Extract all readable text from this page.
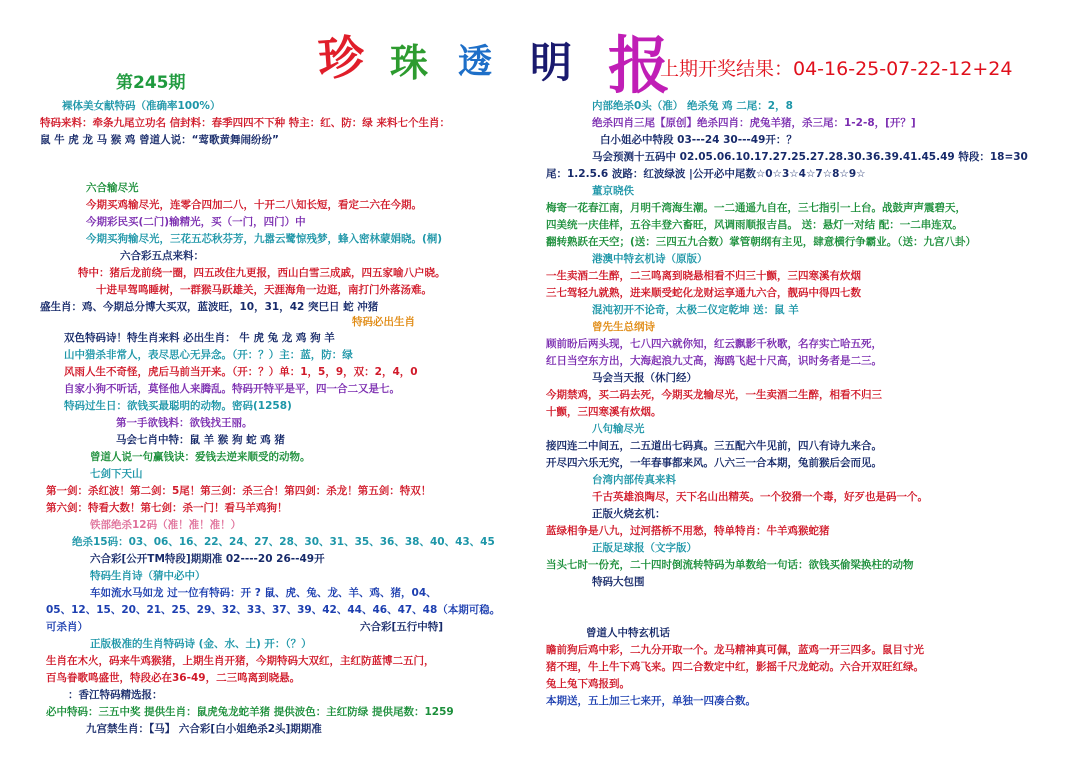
珍 珠 透 明 报
上期开奖结果：04-16-25-07-22-12+24
第245期
裸体美女献特码（准确率100%）
特码来料：牵条九尾立功名 信封料：春季四四不下种 特主：红、防：绿 来料七个生肖：
鼠 牛 虎 龙 马 猴 鸡 曾道人说：“莺歌黄舞闹纷纷”
六合输尽光
今期买鸡输尽光，连零合四加二八，十开二八知长短，看定二六在今期。
今期彩民买(二门)输精光，买（一门，四门）中
今期买狗输尽光，三花五芯秋芬芳，九嚣云鹭惊残梦，蜂入密林蒙娟晓。(桐)
六合彩五点来料：
特中：猪后龙前绕一圈，四五改住九更报，西山白雪三成戚，四五家喻八户晓。
十进早驾鸣睡树，一群猴马跃雄关，天涯海角一边逛，南打门外落汤难。
盛生肖：鸡、今期总分博大买双，蓝波旺，10，31，42 突巳日 蛇 冲猪
特码必出生肖
双色特码诗！特生肖来料 必出生肖： 牛 虎 兔 龙 鸡 狗 羊
山中猎杀非常人，表尽思心无异念。（开：？）主：蓝，防：绿
风雨人生不奇怪，虎后马前当开来。（开：？）单：1，5，9，双：2，4，0
自家小狗不听话，莫怪他人来腾乱。特码开特平是平，四一合二又是七。
特码过生日：欲钱买最聪明的动物。密码(1258)
第一手欲钱料：欲钱找王丽。
马会七肖中特：鼠 羊 猴 狗 蛇 鸡 猪
曾道人说一句赢钱诀：爱钱去逆来顺受的动物。
七剑下天山
第一剑：杀红波！第二剑：5尾！第三剑：杀三合！第四剑：杀龙！第五剑：特双！
第六剑：特看大数！第七剑：杀一门！看马羊鸡狗！
铁部绝杀12码（准！准！准！）
绝杀15码：03、06、16、22、24、27、28、30、31、35、36、38、40、43、45
六合彩[公开TM特段]期期准 02----20 26--49开
特码生肖诗（猜中必中）
车如流水马如龙 过一位有特码：开 ? 鼠、虎、兔、龙、羊、鸡、猪，04、
05、12、15、20、21、25、29、32、33、37、39、42、44、46、47、48（本期可稳。
可杀肖）	六合彩[五行中特]
正版极准的生肖特码诗 (金、水、土) 开：（？）
生肖在木火，码来牛鸡猴猪，上期生肖开猪，今期特码大双红，主红防蓝博二五门，
百鸟眷歌鸣盛世，特段必在36-49，二三鸣离到晓悬。
：香江特码精选报：
必中特码：三五中奖 提供生肖：鼠虎兔龙蛇羊猪 提供波色：主红防绿 提供尾数：1259
九宫禁生肖：【马】 六合彩[白小姐绝杀2头]期期准
内部绝杀0头（准） 绝杀兔 鸡 二尾：2，8
绝杀四肖三尾【原创】绝杀四肖：虎兔羊猪，杀三尾：1-2-8，[开？]
白小姐必中特段 03---24 30---49开：？
马会预测十五码中 02.05.06.10.17.27.25.27.28.30.36.39.41.45.49 特段：18=30
尾：1.2.5.6 波路：红波绿波 |公开必中尾数☆0☆3☆4☆7☆8☆9☆
董京晓佚
梅寄一花春江南，月明千湾海生潮。一二通遥九自在，三七指引一上台。战鼓声声震碧天，
四美统一庆佳样，五谷丰登六畜旺，风调雨顺报吉昌。 送：悬灯一对结 配：一二串连双。
翻转熟跃在天空；(送：三四五九合数）掌管朝纲有主见，肆意横行争霸业。（送：九宫八卦）
港澳中特玄机诗（原版）
一生卖酒二生醉，二三鸣离到晓悬相看不归三十颤，三四寒溪有炊烟
三七驾轻九就熟，进来顺受蛇化龙财运享通九六合，靓码中得四七数
混沌初开不论奇，太极二仪定乾坤 送：鼠 羊
曾先生总纲诗
顾前盼后两头现，七八四六就你知，红云飘影千秋歌，名存实亡哈五死，
红日当空东方出，大海起浪九丈高，海鸥飞起十尺高，识时务者是二三。
马会当天报（休门经）
今期禁鸡，买二码去死，今期买龙输尽光，一生卖酒二生醉，相看不归三
十颤，三四寒溪有炊烟。
八句输尽光
接四连二中间五，二五道出七码真。三五配六牛见前，四八有诗九来合。
开尽四六乐无究，一年春事都来风。八六三一合本期，兔前猴后会而见。
台湾内部传真来料
千古英雄浪陶尽，天下名山出精英。一个狡猾一个毒，好歹也是码一个。
正版火烧玄机：
蓝绿相争是八九，过河搭桥不用愁，特单特肖：牛羊鸡猴蛇猪
正版足球报（文字版）
当头七时一份充，二十四时倒流转特码为单数给一句话：欲钱买偷梁换柱的动物
特码大包围
曾道人中特玄机话
瞻前狗后鸡中彩，二九分开取一个。龙马精神真可佩，蓝鸡一开三四多。鼠目寸光
猪不理，牛上牛下鸡飞来。四二合数定中红，影摇千尺龙蛇动。六合开双旺红绿。
兔上兔下鸡报到。
本期送，五上加三七来开，单独一四凑合数。
